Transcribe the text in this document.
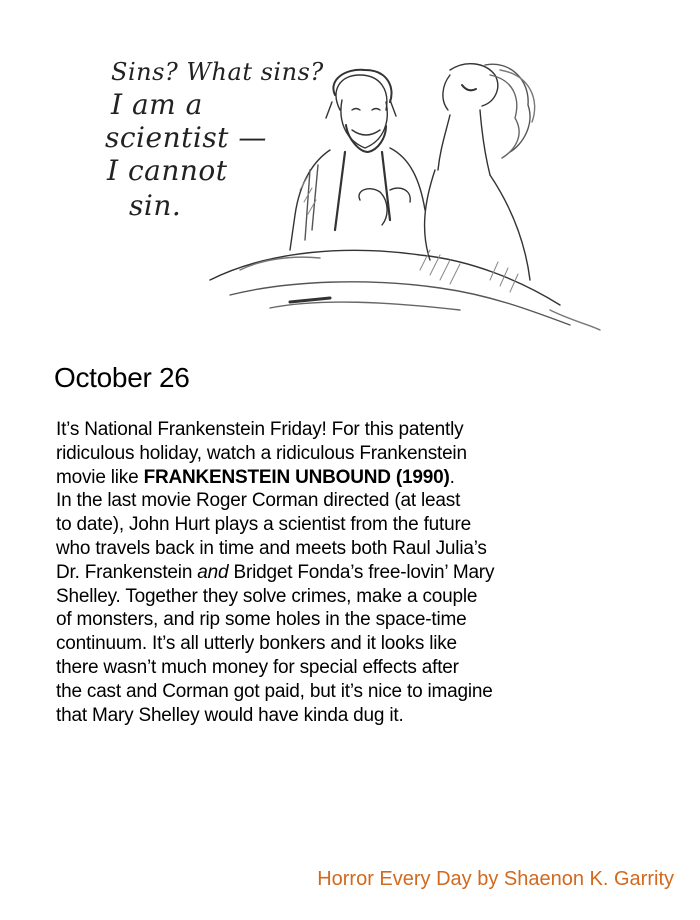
Sins? What sins?
I am a
scientist —
I cannot
sin.
October 26
It’s National Frankenstein Friday! For this patently
ridiculous holiday, watch a ridiculous Frankenstein
movie like FRANKENSTEIN UNBOUND (1990).
In the last movie Roger Corman directed (at least
to date), John Hurt plays a scientist from the future
who travels back in time and meets both Raul Julia’s
Dr. Frankenstein and Bridget Fonda’s free-lovin’ Mary
Shelley. Together they solve crimes, make a couple
of monsters, and rip some holes in the space-time
continuum. It’s all utterly bonkers and it looks like
there wasn’t much money for special effects after
the cast and Corman got paid, but it’s nice to imagine
that Mary Shelley would have kinda dug it.
Horror Every Day by Shaenon K. Garrity
